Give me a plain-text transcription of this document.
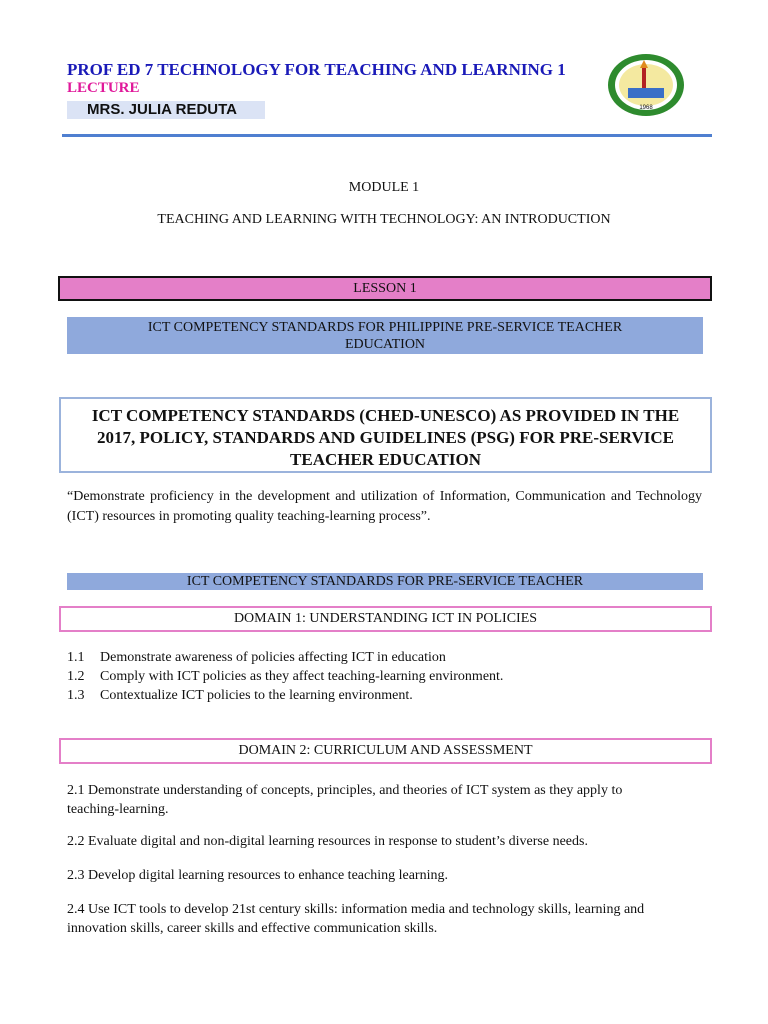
PROF ED 7 TECHNOLOGY FOR TEACHING AND LEARNING 1
LECTURE
MRS. JULIA REDUTA	1968
MODULE 1
TEACHING AND LEARNING WITH TECHNOLOGY: AN INTRODUCTION
LESSON 1
ICT COMPETENCY STANDARDS FOR PHILIPPINE PRE-SERVICE TEACHER
EDUCATION
ICT COMPETENCY STANDARDS (CHED-UNESCO) AS PROVIDED IN THE
2017, POLICY, STANDARDS AND GUIDELINES (PSG) FOR PRE-SERVICE
TEACHER EDUCATION
“Demonstrate proficiency in the development and utilization of Information, Communication and Technology (ICT) resources in promoting quality teaching-learning process”.
ICT COMPETENCY STANDARDS FOR PRE-SERVICE TEACHER
DOMAIN 1: UNDERSTANDING ICT IN POLICIES
1.1	Demonstrate awareness of policies affecting ICT in education
1.2	Comply with ICT policies as they affect teaching-learning environment.
1.3	Contextualize ICT policies to the learning environment.
DOMAIN 2: CURRICULUM AND ASSESSMENT
2.1 Demonstrate understanding of concepts, principles, and theories of ICT system as they apply to teaching-learning.
2.2 Evaluate digital and non-digital learning resources in response to student’s diverse needs.
2.3 Develop digital learning resources to enhance teaching learning.
2.4 Use ICT tools to develop 21st century skills: information media and technology skills, learning and innovation skills, career skills and effective communication skills.
